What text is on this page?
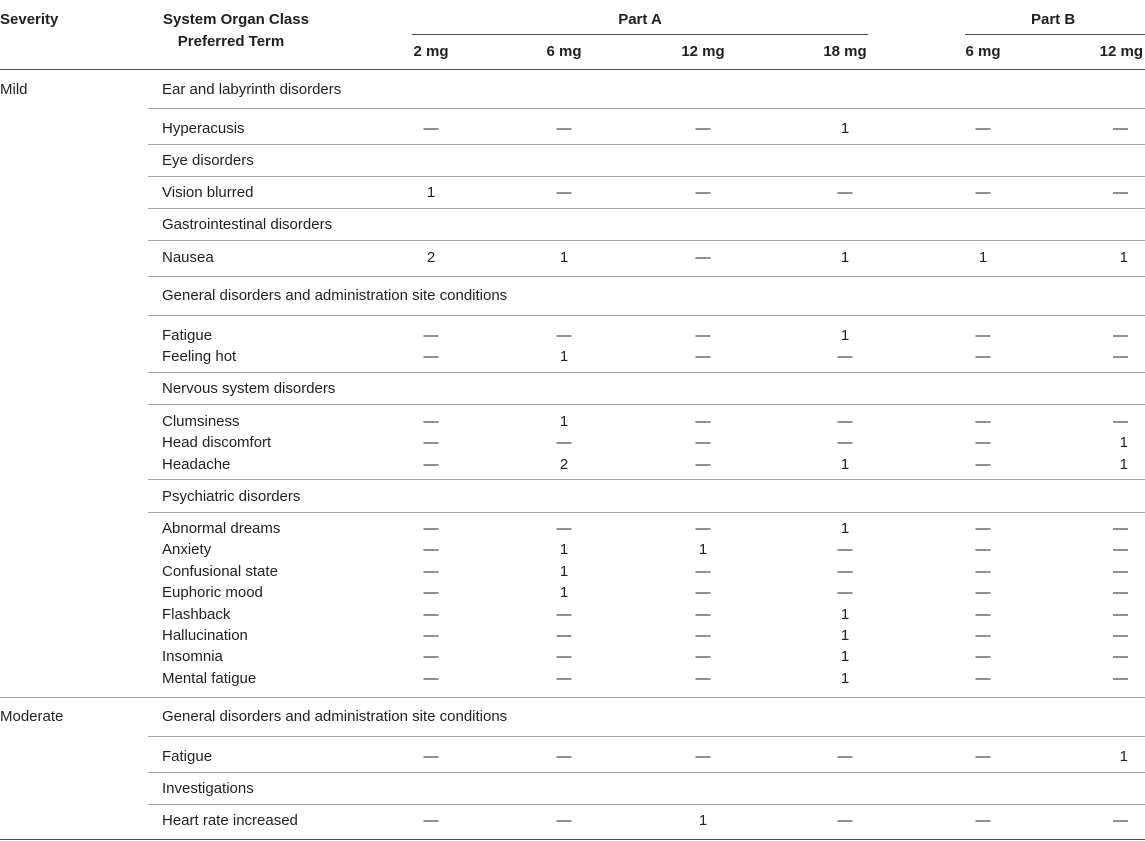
Severity	System Organ Class
Preferred Term
Part A	Part B
2 mg	6 mg	12 mg	18 mg	6 mg	12 mg
Mild	Ear and labyrinth disorders
Hyperacusis	—	—	—	1	—	—
Eye disorders
Vision blurred	1	—	—	—	—	—
Gastrointestinal disorders
Nausea	2	1	—	1	1	1
General disorders and administration site conditions
Fatigue	—	—	—	1	—	—
Feeling hot	—	1	—	—	—	—
Nervous system disorders
Clumsiness	—	1	—	—	—	—
Head discomfort	—	—	—	—	—	1
Headache	—	2	—	1	—	1
Psychiatric disorders
Abnormal dreams	—	—	—	1	—	—
Anxiety	—	1	1	—	—	—
Confusional state	—	1	—	—	—	—
Euphoric mood	—	1	—	—	—	—
Flashback	—	—	—	1	—	—
Hallucination	—	—	—	1	—	—
Insomnia	—	—	—	1	—	—
Mental fatigue	—	—	—	1	—	—
Moderate	General disorders and administration site conditions
Fatigue	—	—	—	—	—	1
Investigations
Heart rate increased	—	—	1	—	—	—
